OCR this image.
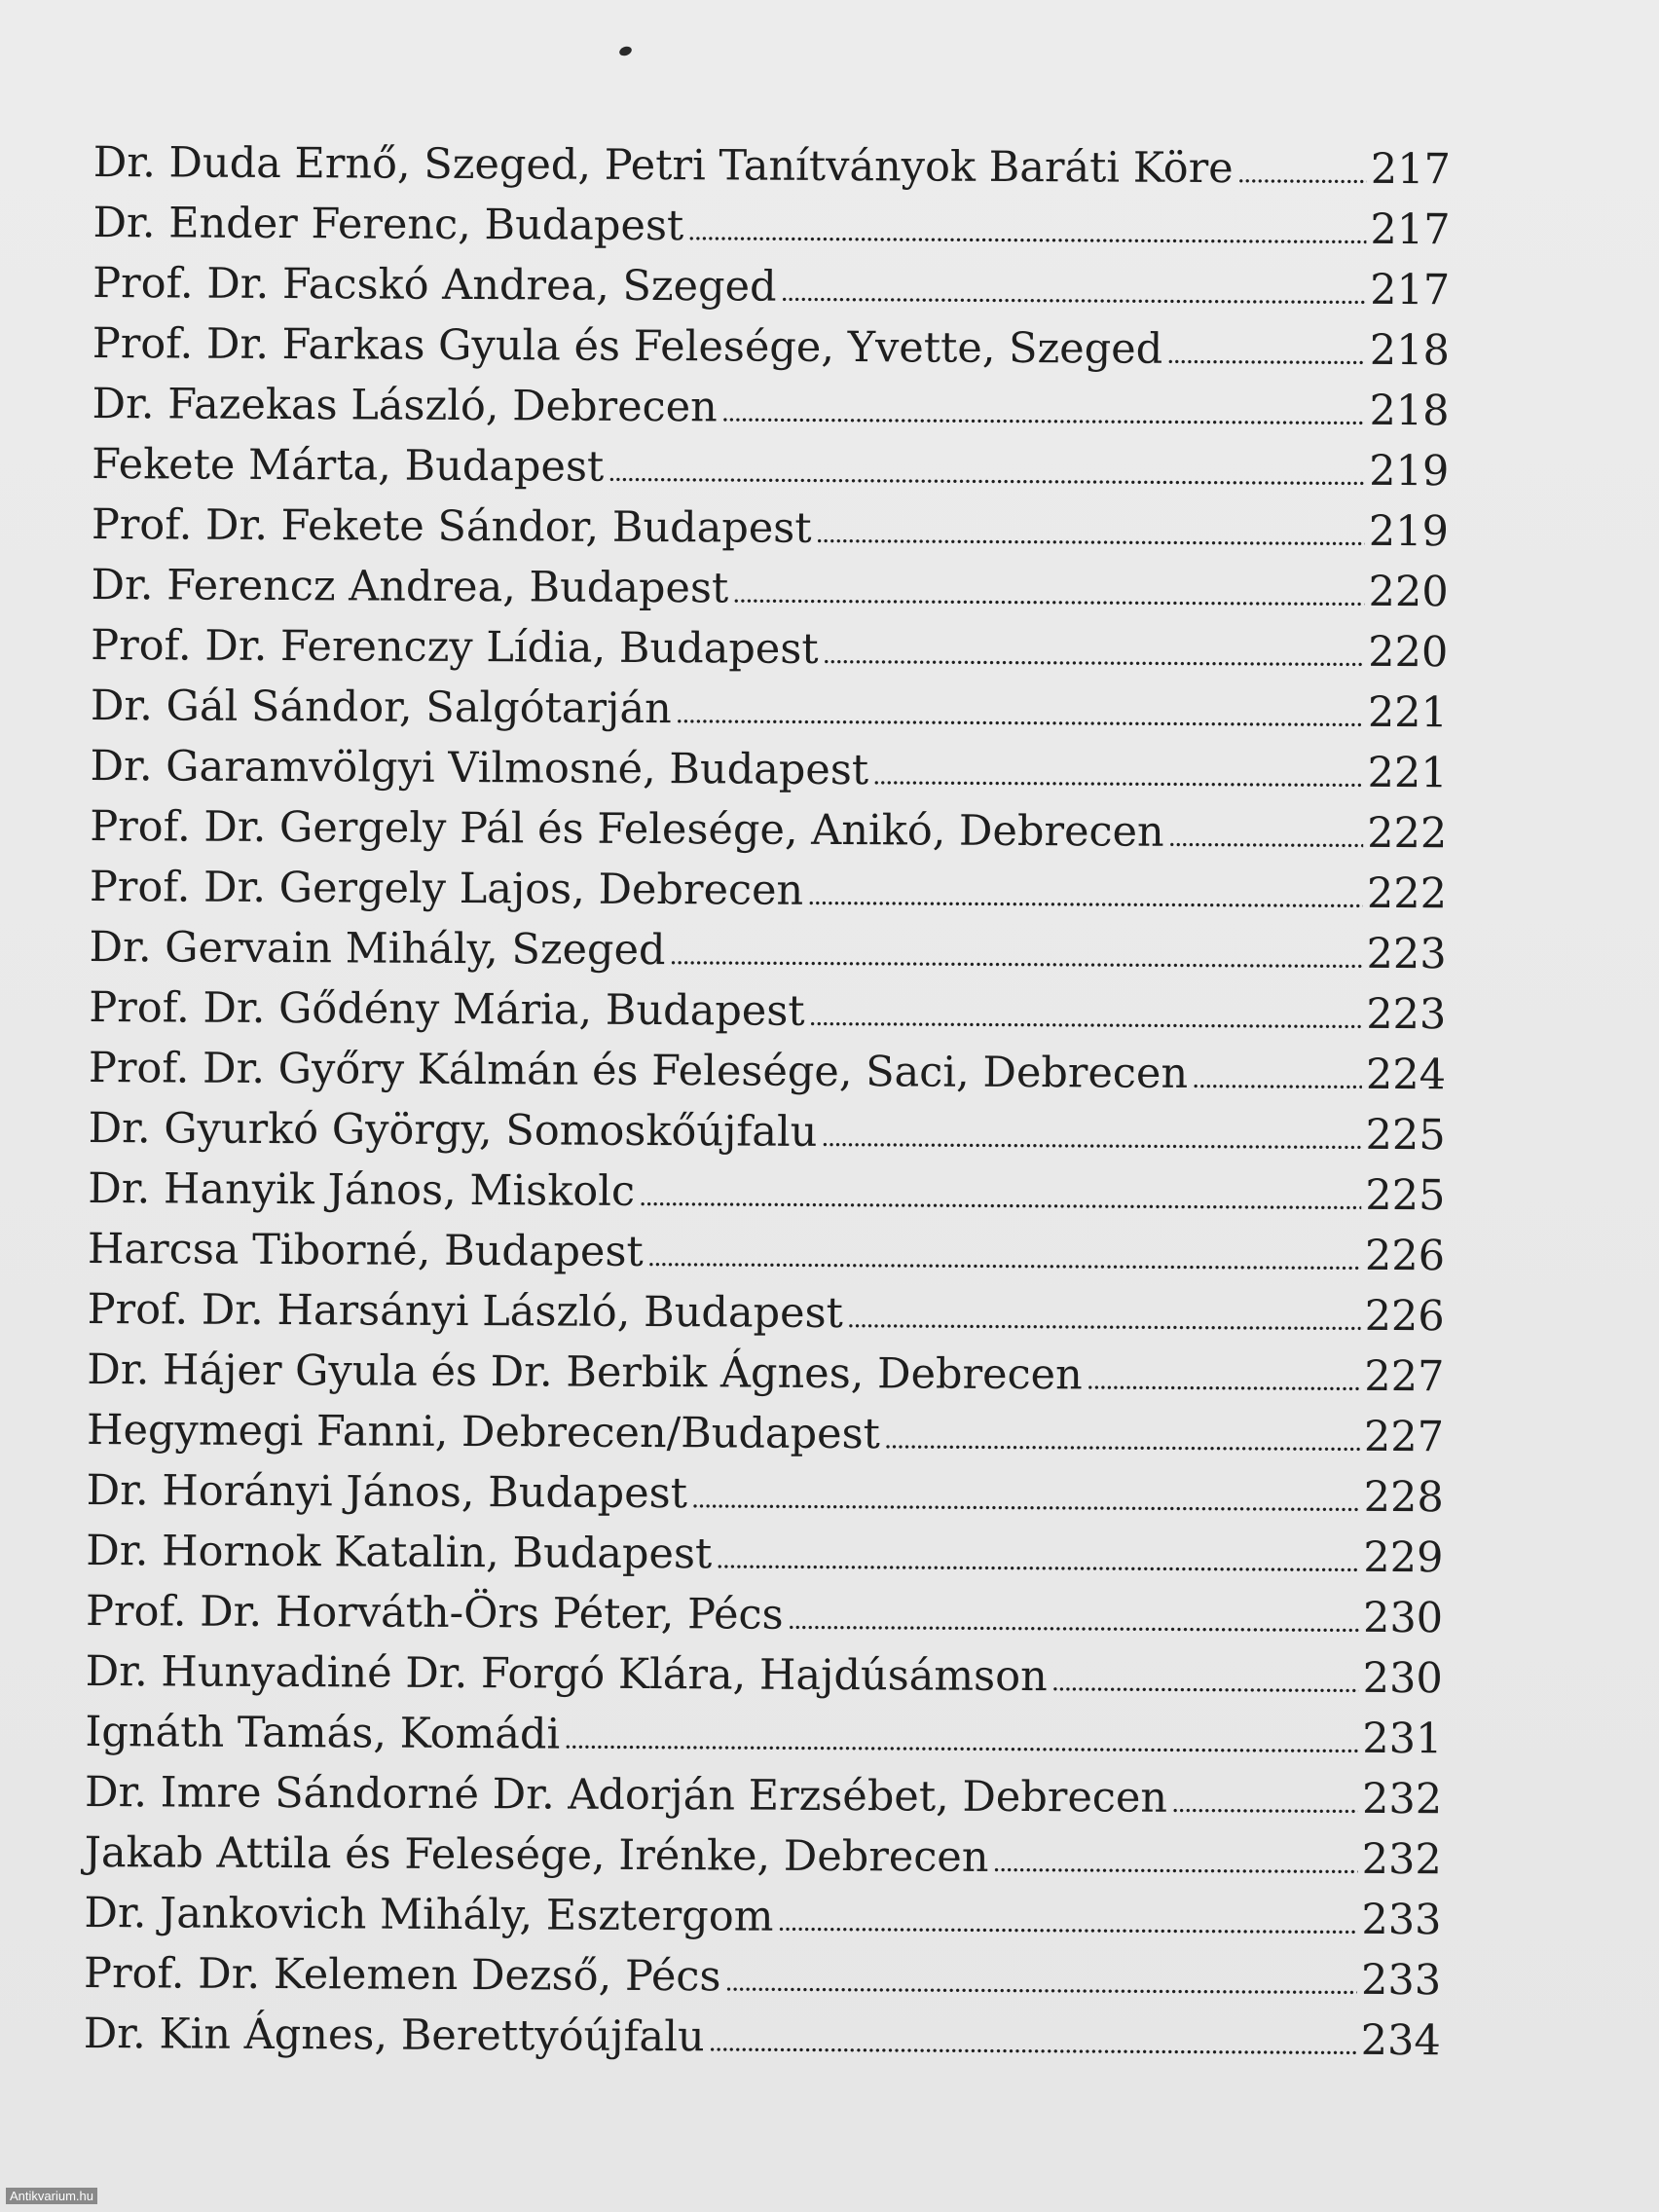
Dr. Duda Ernő, Szeged, Petri Tanítványok Baráti Köre . . .	217
Dr. Ender Ferenc, Budapest . . .	217
Prof. Dr. Facskó Andrea, Szeged . . .	217
Prof. Dr. Farkas Gyula és Felesége, Yvette, Szeged . . .	218
Dr. Fazekas László, Debrecen . . .	218
Fekete Márta, Budapest . . .	219
Prof. Dr. Fekete Sándor, Budapest . . .	219
Dr. Ferencz Andrea, Budapest . . .	220
Prof. Dr. Ferenczy Lídia, Budapest . . .	220
Dr. Gál Sándor, Salgótarján . . .	221
Dr. Garamvölgyi Vilmosné, Budapest . . .	221
Prof. Dr. Gergely Pál és Felesége, Anikó, Debrecen . . .	222
Prof. Dr. Gergely Lajos, Debrecen . . .	222
Dr. Gervain Mihály, Szeged . . .	223
Prof. Dr. Gődény Mária, Budapest . . .	223
Prof. Dr. Győry Kálmán és Felesége, Saci, Debrecen . . .	224
Dr. Gyurkó György, Somoskőújfalu . . .	225
Dr. Hanyik János, Miskolc . . .	225
Harcsa Tiborné, Budapest . . .	226
Prof. Dr. Harsányi László, Budapest . . .	226
Dr. Hájer Gyula és Dr. Berbik Ágnes, Debrecen . . .	227
Hegymegi Fanni, Debrecen/Budapest . . .	227
Dr. Horányi János, Budapest . . .	228
Dr. Hornok Katalin, Budapest . . .	229
Prof. Dr. Horváth-Örs Péter, Pécs . . .	230
Dr. Hunyadiné Dr. Forgó Klára, Hajdúsámson . . .	230
Ignáth Tamás, Komádi . . .	231
Dr. Imre Sándorné Dr. Adorján Erzsébet, Debrecen . . .	232
Jakab Attila és Felesége, Irénke, Debrecen . . .	232
Dr. Jankovich Mihály, Esztergom . . .	233
Prof. Dr. Kelemen Dezső, Pécs . . .	233
Dr. Kin Ágnes, Berettyóújfalu . . .	234
Antikvarium.hu
